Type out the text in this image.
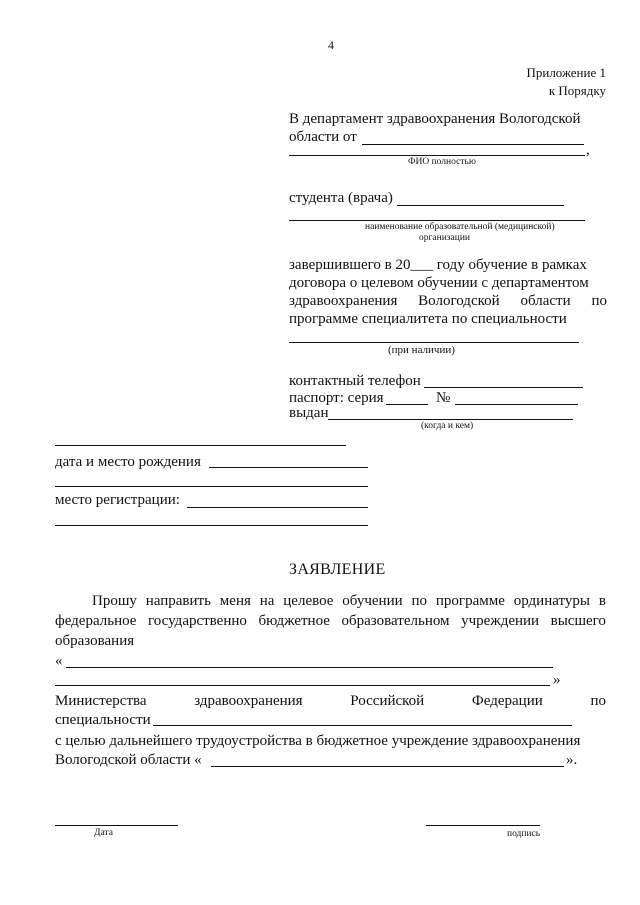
4
Приложение 1
к Порядку
В департамент здравоохранения Вологодской
области от
,
ФИО полностью
студента (врача)
наименование образовательной (медицинской)
организации
завершившего в 20___ году обучение в рамках
договора о целевом обучении с департаментом
здравоохранения Вологодской области по
программе специалитета по специальности
(при наличии)
контактный телефон
паспорт: серия	№
выдан
(когда и кем)
дата и место рождения
место регистрации:
ЗАЯВЛЕНИЕ
Прошу направить меня на целевое обучении по программе ординатуры в
федеральное государственно бюджетное образовательном учреждении высшего
образования
«
»
Министерства	здравоохранения	Российской	Федерации	по
специальности
с целью дальнейшего трудоустройства в бюджетное учреждение здравоохранения
Вологодской области «	».
Дата	подпись
